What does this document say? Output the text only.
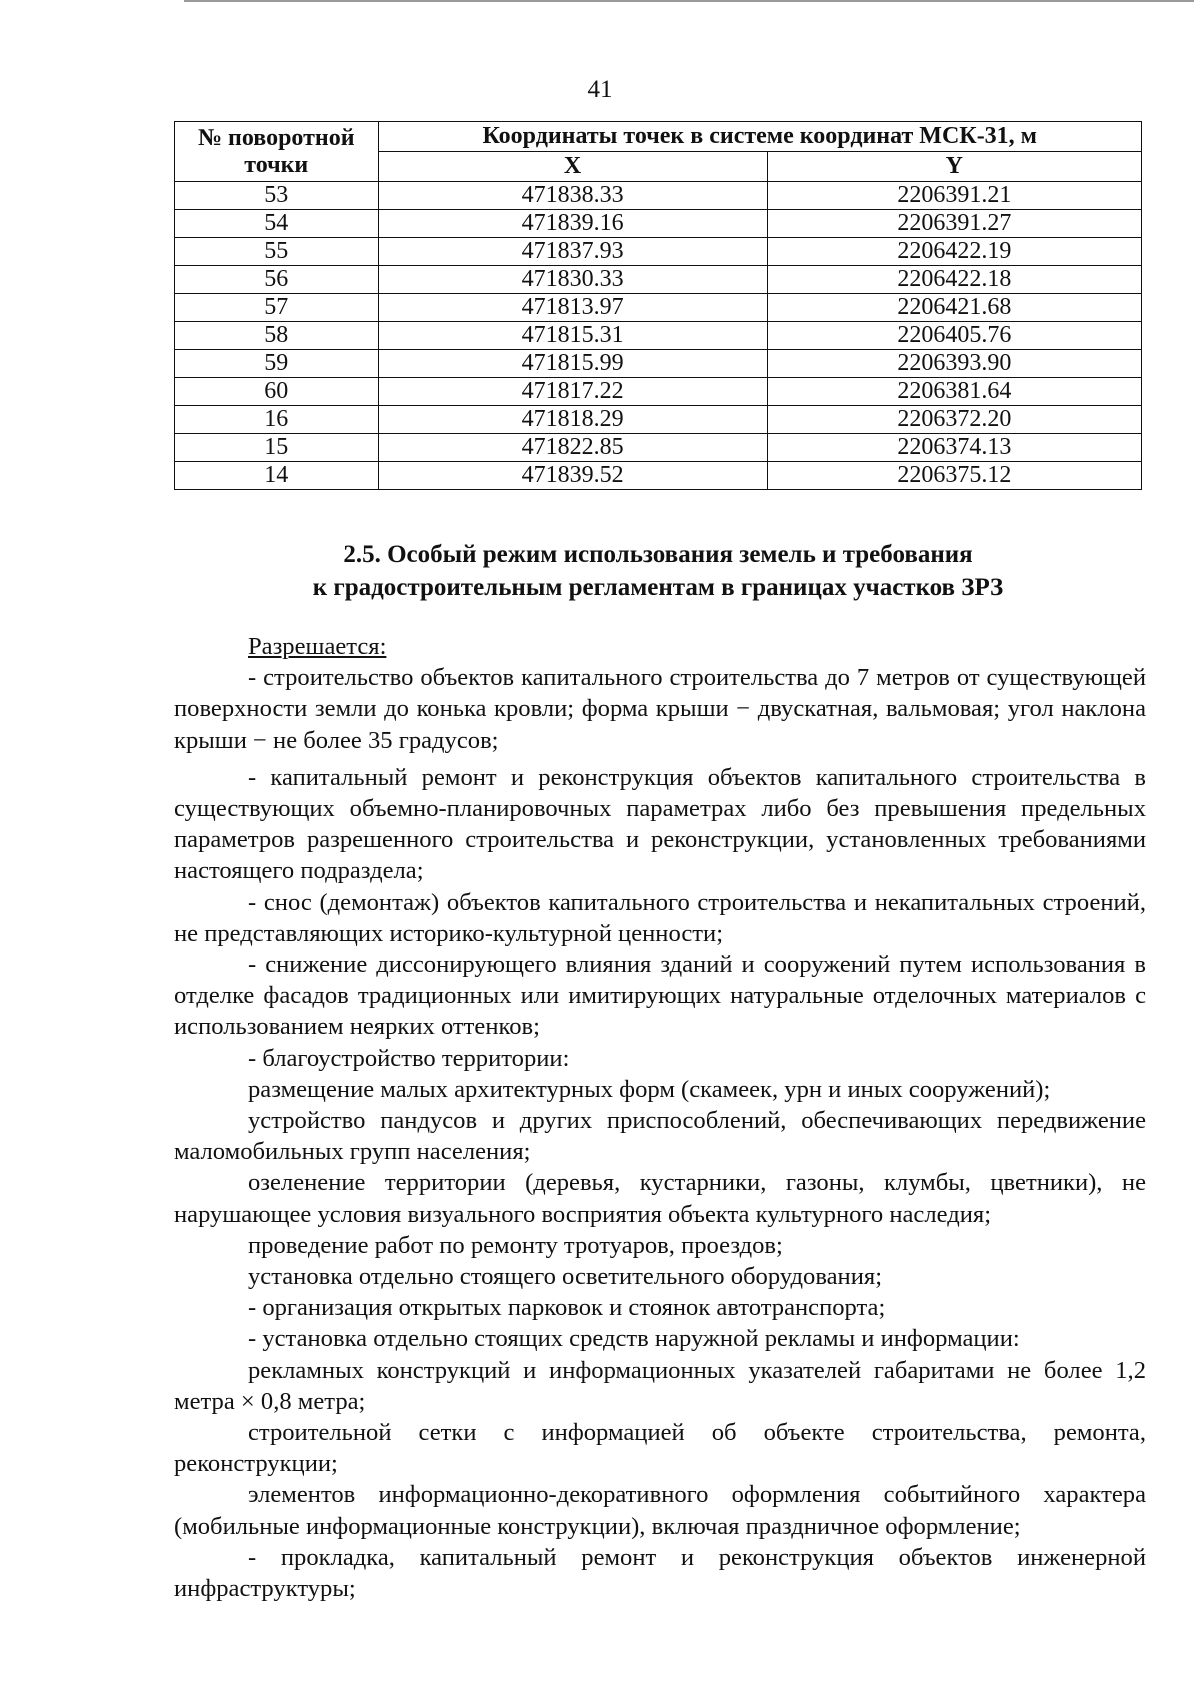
41
№ поворотной
точки	Координаты точек в системе координат МСК-31, м	
	X	Y
53	471838.33	2206391.21
54	471839.16	2206391.27
55	471837.93	2206422.19
56	471830.33	2206422.18
57	471813.97	2206421.68
58	471815.31	2206405.76
59	471815.99	2206393.90
60	471817.22	2206381.64
16	471818.29	2206372.20
15	471822.85	2206374.13
14	471839.52	2206375.12
2.5. Особый режим использования земель и требования
к градостроительным регламентам в границах участков ЗРЗ

Разрешается:

- строительство объектов капитального строительства до 7 метров от существующей поверхности земли до конька кровли; форма крыши − двускатная, вальмовая; угол наклона крыши − не более 35 градусов;

- капитальный ремонт и реконструкция объектов капитального строительства в существующих объемно-планировочных параметрах либо без превышения предельных параметров разрешенного строительства и реконструкции, установленных требованиями настоящего подраздела;

- снос (демонтаж) объектов капитального строительства и некапитальных строений, не представляющих историко-культурной ценности;

- снижение диссонирующего влияния зданий и сооружений путем использования в отделке фасадов традиционных или имитирующих натуральные отделочных материалов с использованием неярких оттенков;

- благоустройство территории:

размещение малых архитектурных форм (скамеек, урн и иных сооружений);

устройство пандусов и других приспособлений, обеспечивающих передвижение маломобильных групп населения;

озеленение территории (деревья, кустарники, газоны, клумбы, цветники), не нарушающее условия визуального восприятия объекта культурного наследия;

проведение работ по ремонту тротуаров, проездов;

установка отдельно стоящего осветительного оборудования;

- организация открытых парковок и стоянок автотранспорта;

- установка отдельно стоящих средств наружной рекламы и информации:

рекламных конструкций и информационных указателей габаритами не более 1,2 метра × 0,8 метра;

строительной сетки с информацией об объекте строительства, ремонта, реконструкции;

элементов информационно-декоративного оформления событийного характера (мобильные информационные конструкции), включая праздничное оформление;

- прокладка, капитальный ремонт и реконструкция объектов инженерной инфраструктуры;
